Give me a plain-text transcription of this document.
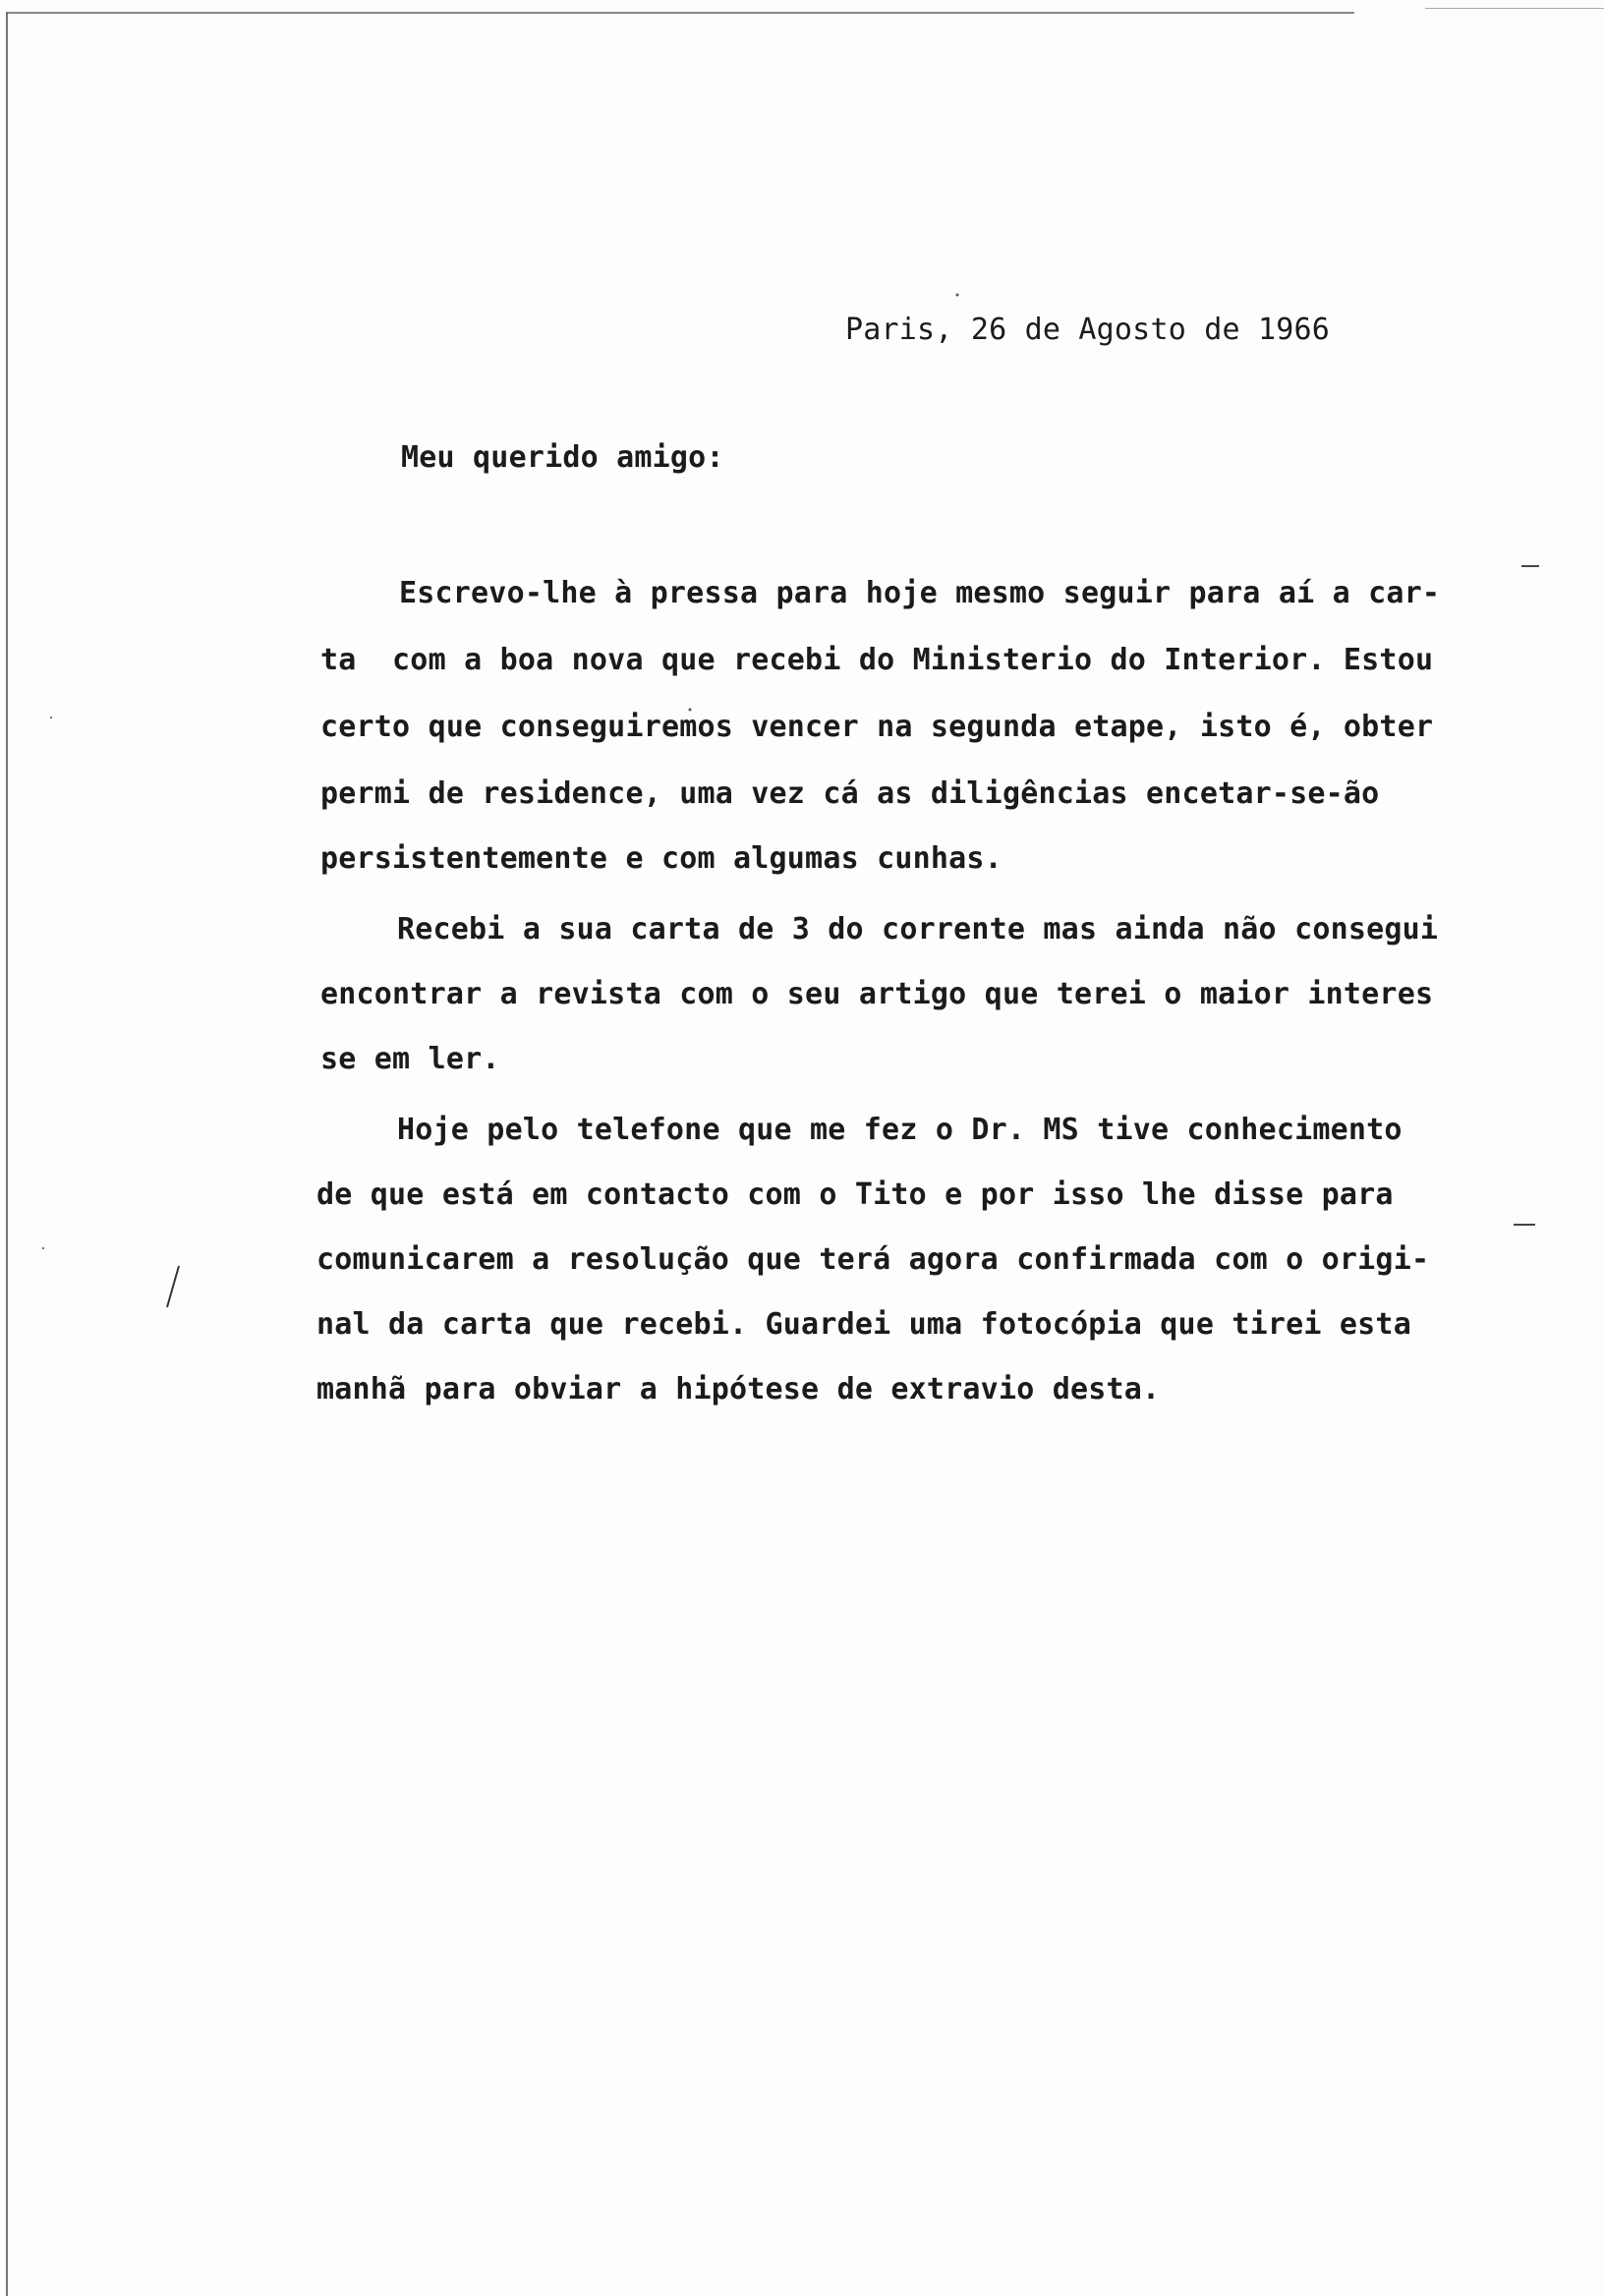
Paris, 26 de Agosto de 1966
Meu querido amigo:
Escrevo-lhe à pressa para hoje mesmo seguir para aí a car-
ta  com a boa nova que recebi do Ministerio do Interior. Estou
certo que conseguiremos vencer na segunda etape, isto é, obter
permi de residence, uma vez cá as diligências encetar-se-ão
persistentemente e com algumas cunhas.
Recebi a sua carta de 3 do corrente mas ainda não consegui
encontrar a revista com o seu artigo que terei o maior interes
se em ler.
Hoje pelo telefone que me fez o Dr. MS tive conhecimento
de que está em contacto com o Tito e por isso lhe disse para
comunicarem a resolução que terá agora confirmada com o origi-
nal da carta que recebi. Guardei uma fotocópia que tirei esta
manhã para obviar a hipótese de extravio desta.
